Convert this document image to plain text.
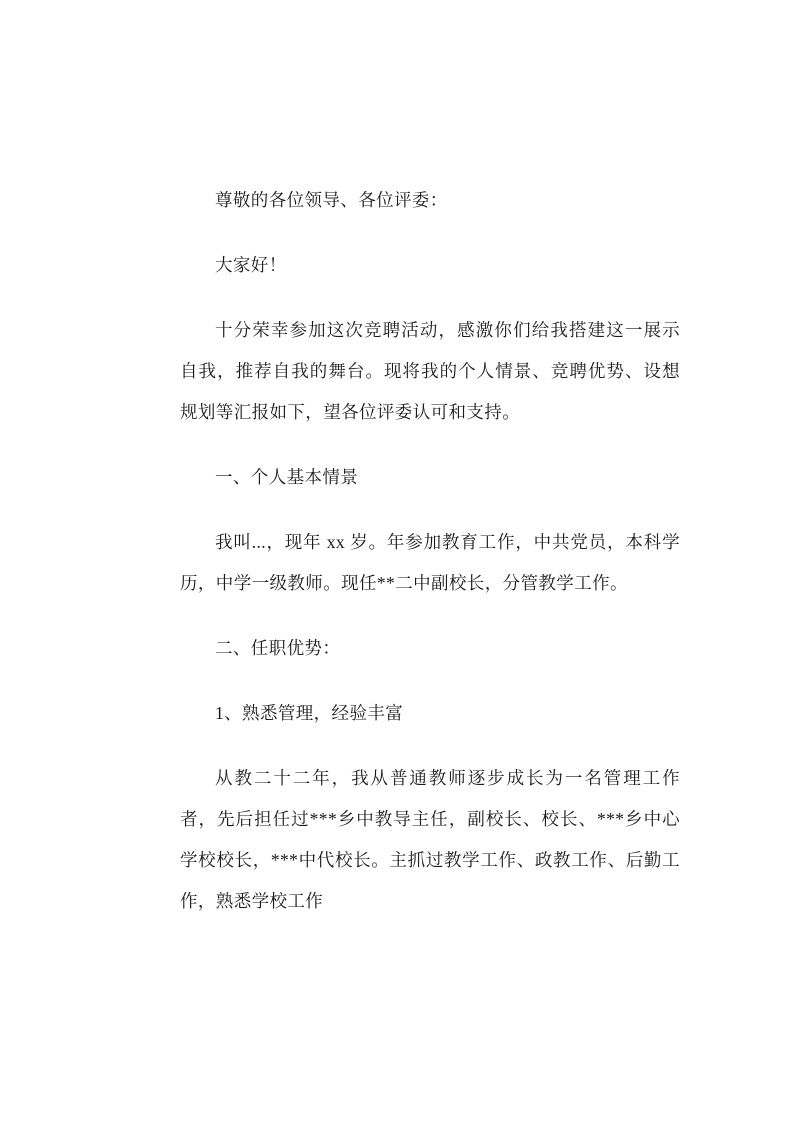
尊敬的各位领导、各位评委：

大家好！

十分荣幸参加这次竞聘活动，感激你们给我搭建这一展示自我，推荐自我的舞台。现将我的个人情景、竞聘优势、设想规划等汇报如下，望各位评委认可和支持。

一、个人基本情景

我叫...，现年 xx 岁。年参加教育工作，中共党员，本科学历，中学一级教师。现任**二中副校长，分管教学工作。

二、任职优势：

1、熟悉管理，经验丰富

从教二十二年，我从普通教师逐步成长为一名管理工作者，先后担任过***乡中教导主任，副校长、校长、***乡中心学校校长，***中代校长。主抓过教学工作、政教工作、后勤工作，熟悉学校工作
